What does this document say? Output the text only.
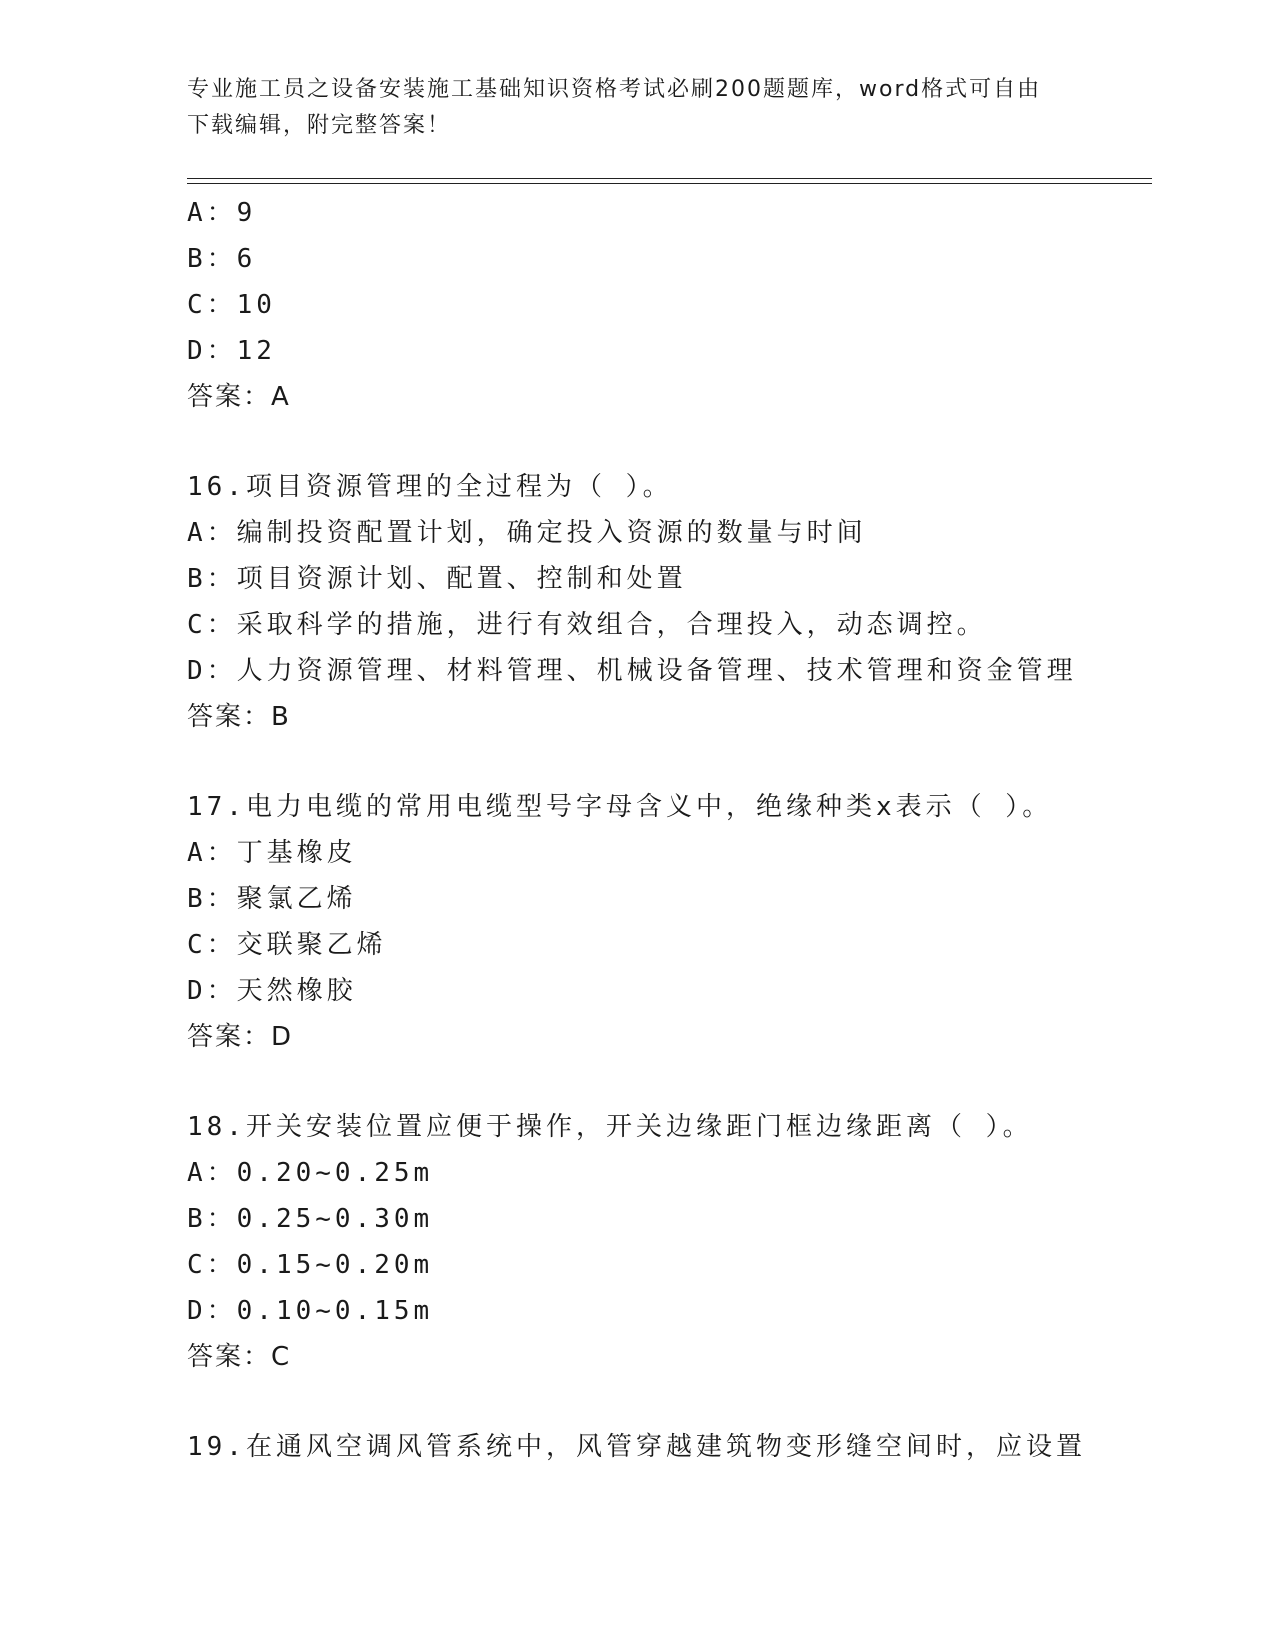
专业施工员之设备安装施工基础知识资格考试必刷200题题库，word格式可自由
下载编辑，附完整答案！
A：9
B：6
C：10
D：12
答案：A
16.项目资源管理的全过程为（ ）。
A：编制投资配置计划，确定投入资源的数量与时间
B：项目资源计划、配置、控制和处置
C：采取科学的措施，进行有效组合，合理投入，动态调控。
D：人力资源管理、材料管理、机械设备管理、技术管理和资金管理
答案：B
17.电力电缆的常用电缆型号字母含义中，绝缘种类x表示（ ）。
A：丁基橡皮
B：聚氯乙烯
C：交联聚乙烯
D：天然橡胶
答案：D
18.开关安装位置应便于操作，开关边缘距门框边缘距离（ ）。
A：0.20~0.25m
B：0.25~0.30m
C：0.15~0.20m
D：0.10~0.15m
答案：C
19.在通风空调风管系统中，风管穿越建筑物变形缝空间时，应设置
